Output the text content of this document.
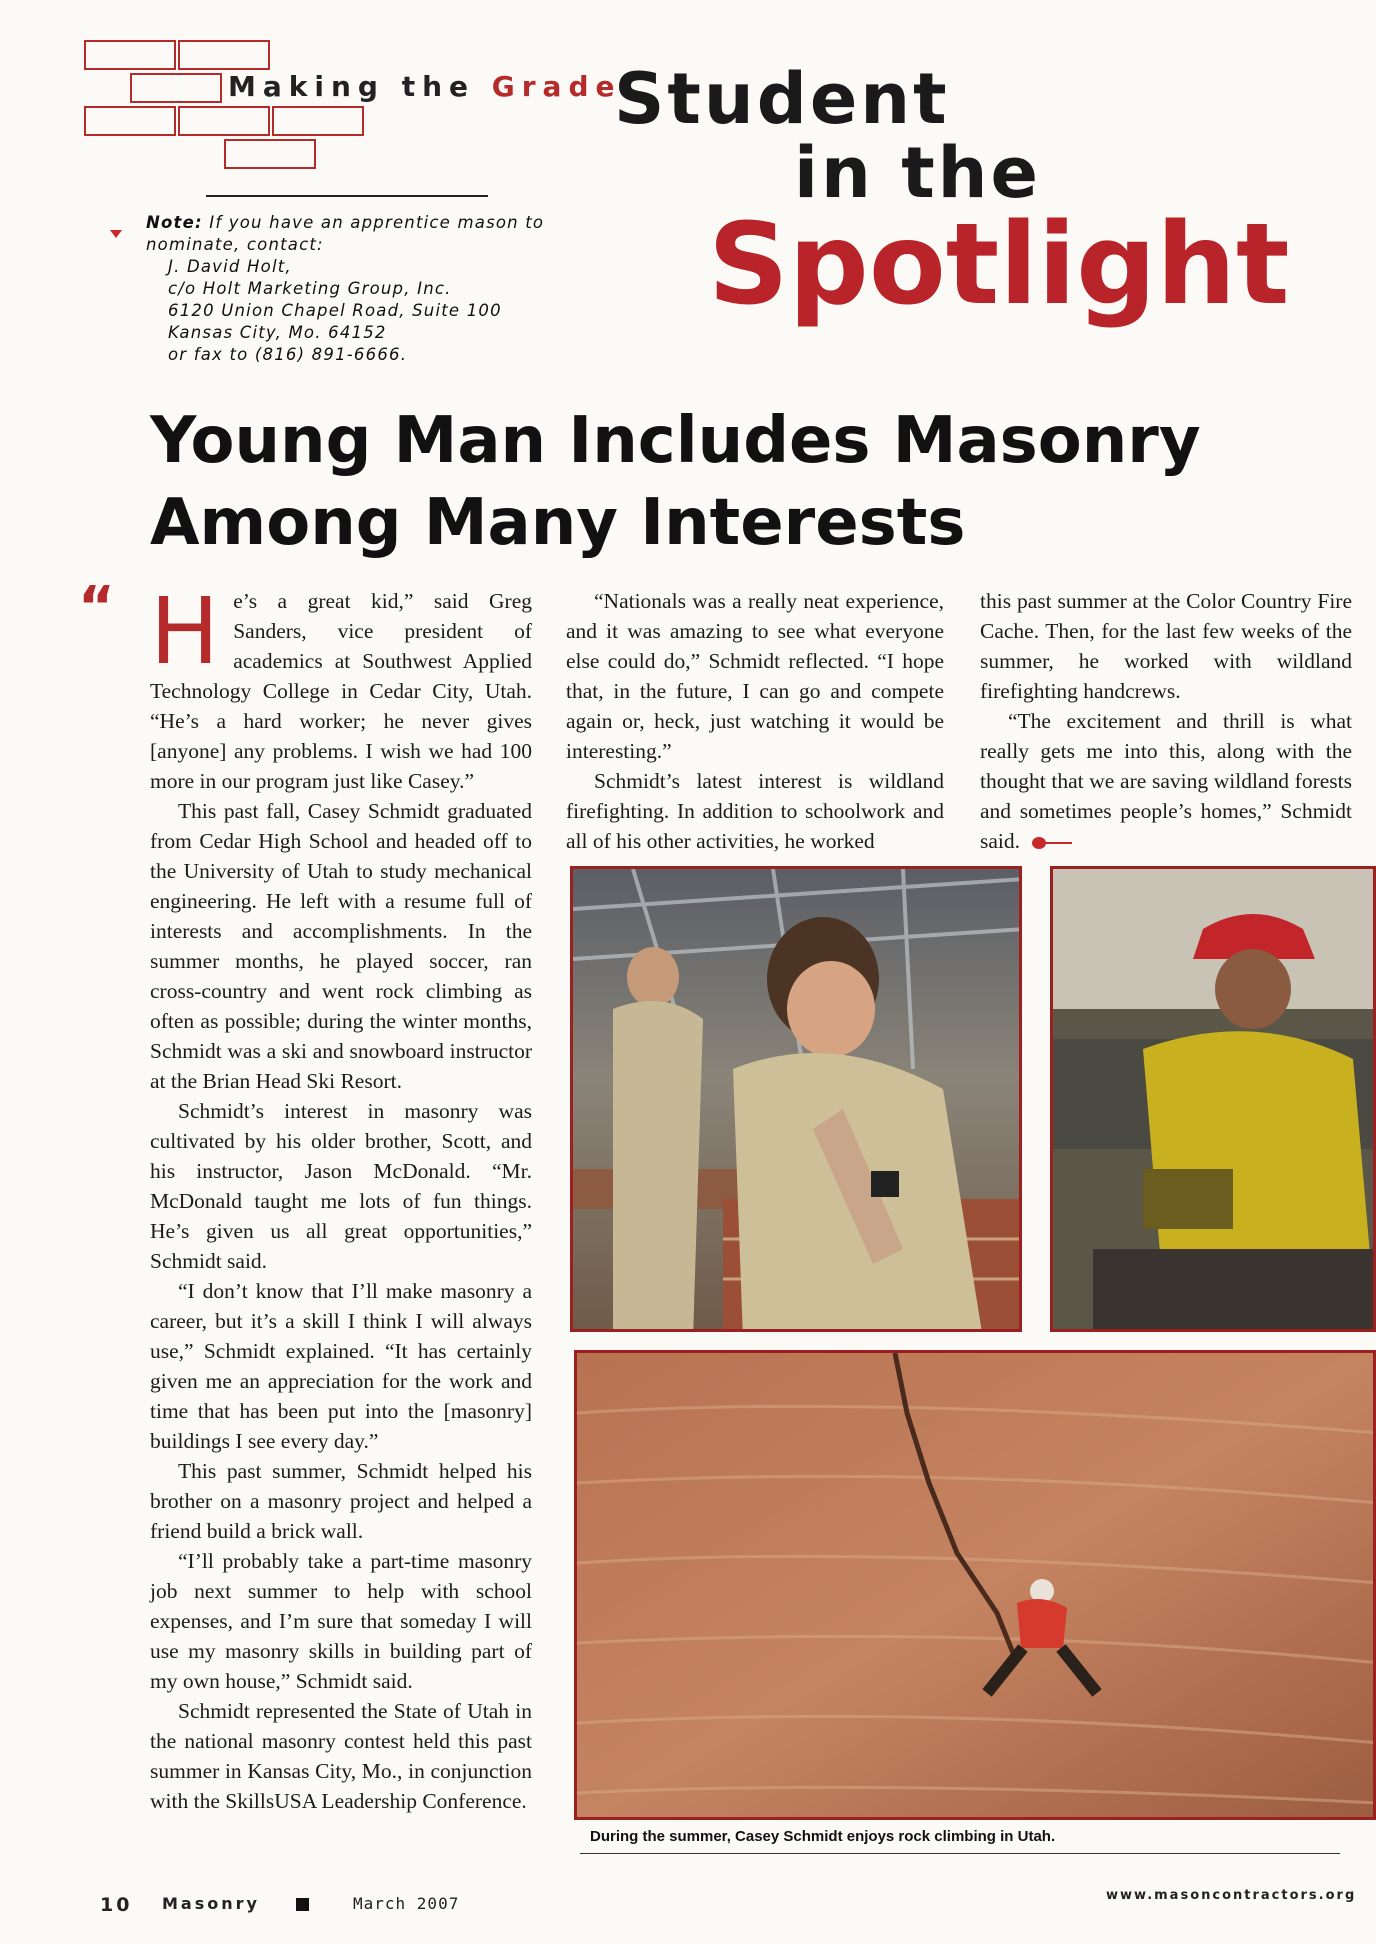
Making the Grade
Note: If you have an apprentice mason to
nominate, contact:
J. David Holt,
c/o Holt Marketing Group, Inc.
6120 Union Chapel Road, Suite 100
Kansas City, Mo. 64152
or fax to (816) 891-6666.
Student
in the
Spotlight
Young Man Includes Masonry Among Many Interests
“ He’s a great kid,” said Greg Sanders, vice president of academics at Southwest Applied Technology College in Cedar City, Utah. “He’s a hard worker; he never gives [anyone] any problems. I wish we had 100 more in our program just like Casey.”

This past fall, Casey Schmidt graduated from Cedar High School and headed off to the University of Utah to study mechanical engineering. He left with a resume full of interests and accomplishments. In the summer months, he played soccer, ran cross-country and went rock climbing as often as possible; during the winter months, Schmidt was a ski and snowboard instructor at the Brian Head Ski Resort.

Schmidt’s interest in masonry was cultivated by his older brother, Scott, and his instructor, Jason McDonald. “Mr. McDonald taught me lots of fun things. He’s given us all great opportunities,” Schmidt said.

“I don’t know that I’ll make masonry a career, but it’s a skill I think I will always use,” Schmidt explained. “It has certainly given me an appreciation for the work and time that has been put into the [masonry] buildings I see every day.”

This past summer, Schmidt helped his brother on a masonry project and helped a friend build a brick wall.

“I’ll probably take a part-time masonry job next summer to help with school expenses, and I’m sure that someday I will use my masonry skills in building part of my own house,” Schmidt said.

Schmidt represented the State of Utah in the national masonry contest held this past summer in Kansas City, Mo., in conjunction with the SkillsUSA Leadership Conference.

“Nationals was a really neat experience, and it was amazing to see what everyone else could do,” Schmidt reflected. “I hope that, in the future, I can go and compete again or, heck, just watching it would be interesting.”

Schmidt’s latest interest is wildland firefighting. In addition to schoolwork and all of his other activities, he worked

this past summer at the Color Country Fire Cache. Then, for the last few weeks of the summer, he worked with wildland firefighting handcrews.

“The excitement and thrill is what really gets me into this, along with the thought that we are saving wildland forests and sometimes people’s homes,” Schmidt said.

During the summer, Casey Schmidt enjoys rock climbing in Utah.
10 Masonry	March 2007	www.masoncontractors.org
